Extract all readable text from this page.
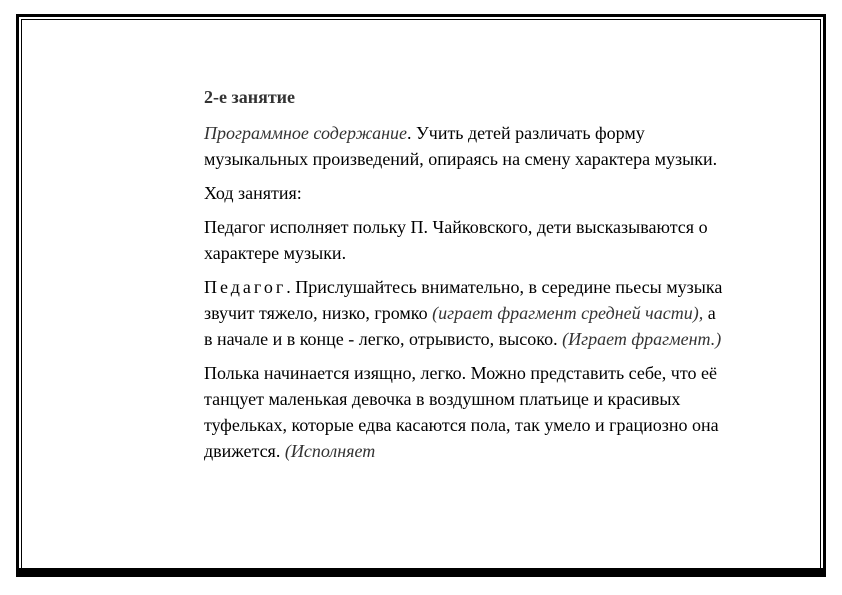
2-е занятие

Программное содержание. Учить детей различать форму музыкальных произведений, опираясь на смену характера музыки.

Ход занятия:

Педагог исполняет польку П. Чайковского, дети высказываются о характере музыки.

Педагог. Прислушайтесь внимательно, в середине пьесы музыка звучит тяжело, низко, громко (играет фрагмент средней части), а в начале и в конце - легко, отрывисто, высоко. (Играет фрагмент.)

Полька начинается изящно, легко. Можно представить себе, что её танцует маленькая девочка в воздушном платьице и красивых туфельках, которые едва касаются пола, так умело и грациозно она движется. (Исполняет
